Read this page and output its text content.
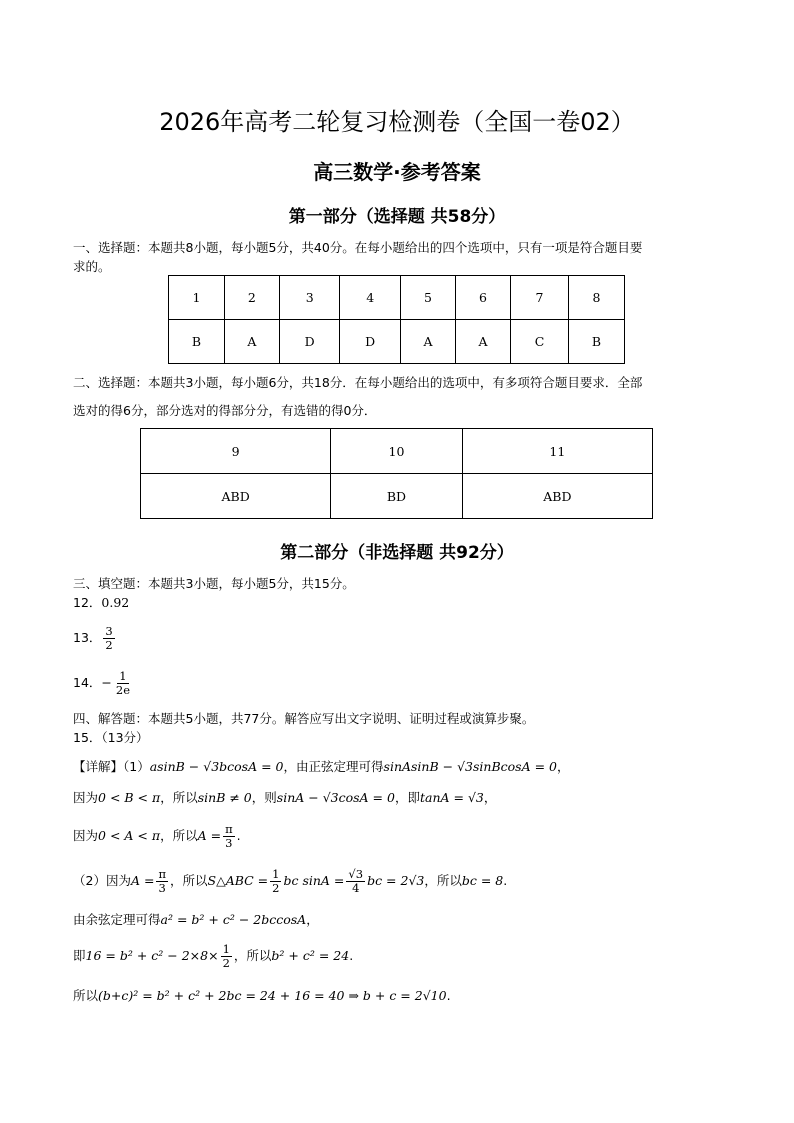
2026年高考二轮复习检测卷（全国一卷02）
高三数学·参考答案
第一部分（选择题 共58分）
一、选择题：本题共8小题，每小题5分，共40分。在每小题给出的四个选项中，只有一项是符合题目要
求的。
1	2	3	4	5	6	7	8
B	A	D	D	A	A	C	B
二、选择题：本题共3小题，每小题6分，共18分．在每小题给出的选项中，有多项符合题目要求．全部
选对的得6分，部分选对的得部分分，有选错的得0分．
9	10	11
ABD	BD	ABD
第二部分（非选择题 共92分）
三、填空题：本题共3小题，每小题5分，共15分。
12．0.92
13． $\frac{3}{2}$
14．− $\frac{1}{2e}$
四、解答题：本题共5小题，共77分。解答应写出文字说明、证明过程或演算步聚。
15．（13分）
【详解】（1）asinB − √3bcosA = 0，由正弦定理可得sinAsinB − √3sinBcosA = 0，
因为0 < B < π，所以sinB ≠ 0，则sinA − √3cosA = 0，即tanA = √3，
因为0 < A < π，所以$A = \frac{\pi}{3}$ .
（2）因为$A = \frac{\pi}{3}$ ，所以S△ABC = $\frac{1}{2}$ bc $\sin A = \frac{√3}{4}$ bc = 2√3，所以bc = 8.
由余弦定理可得a² = b² + c² − 2bccosA，
即$16 = b^2 + c^2 - 2\times 8\times \frac{1}{2}$ ，所以b² + c² = 24.
所以(b+c)² = b² + c² + 2bc = 24 + 16 = 40 ⇒ b + c = 2√10.
